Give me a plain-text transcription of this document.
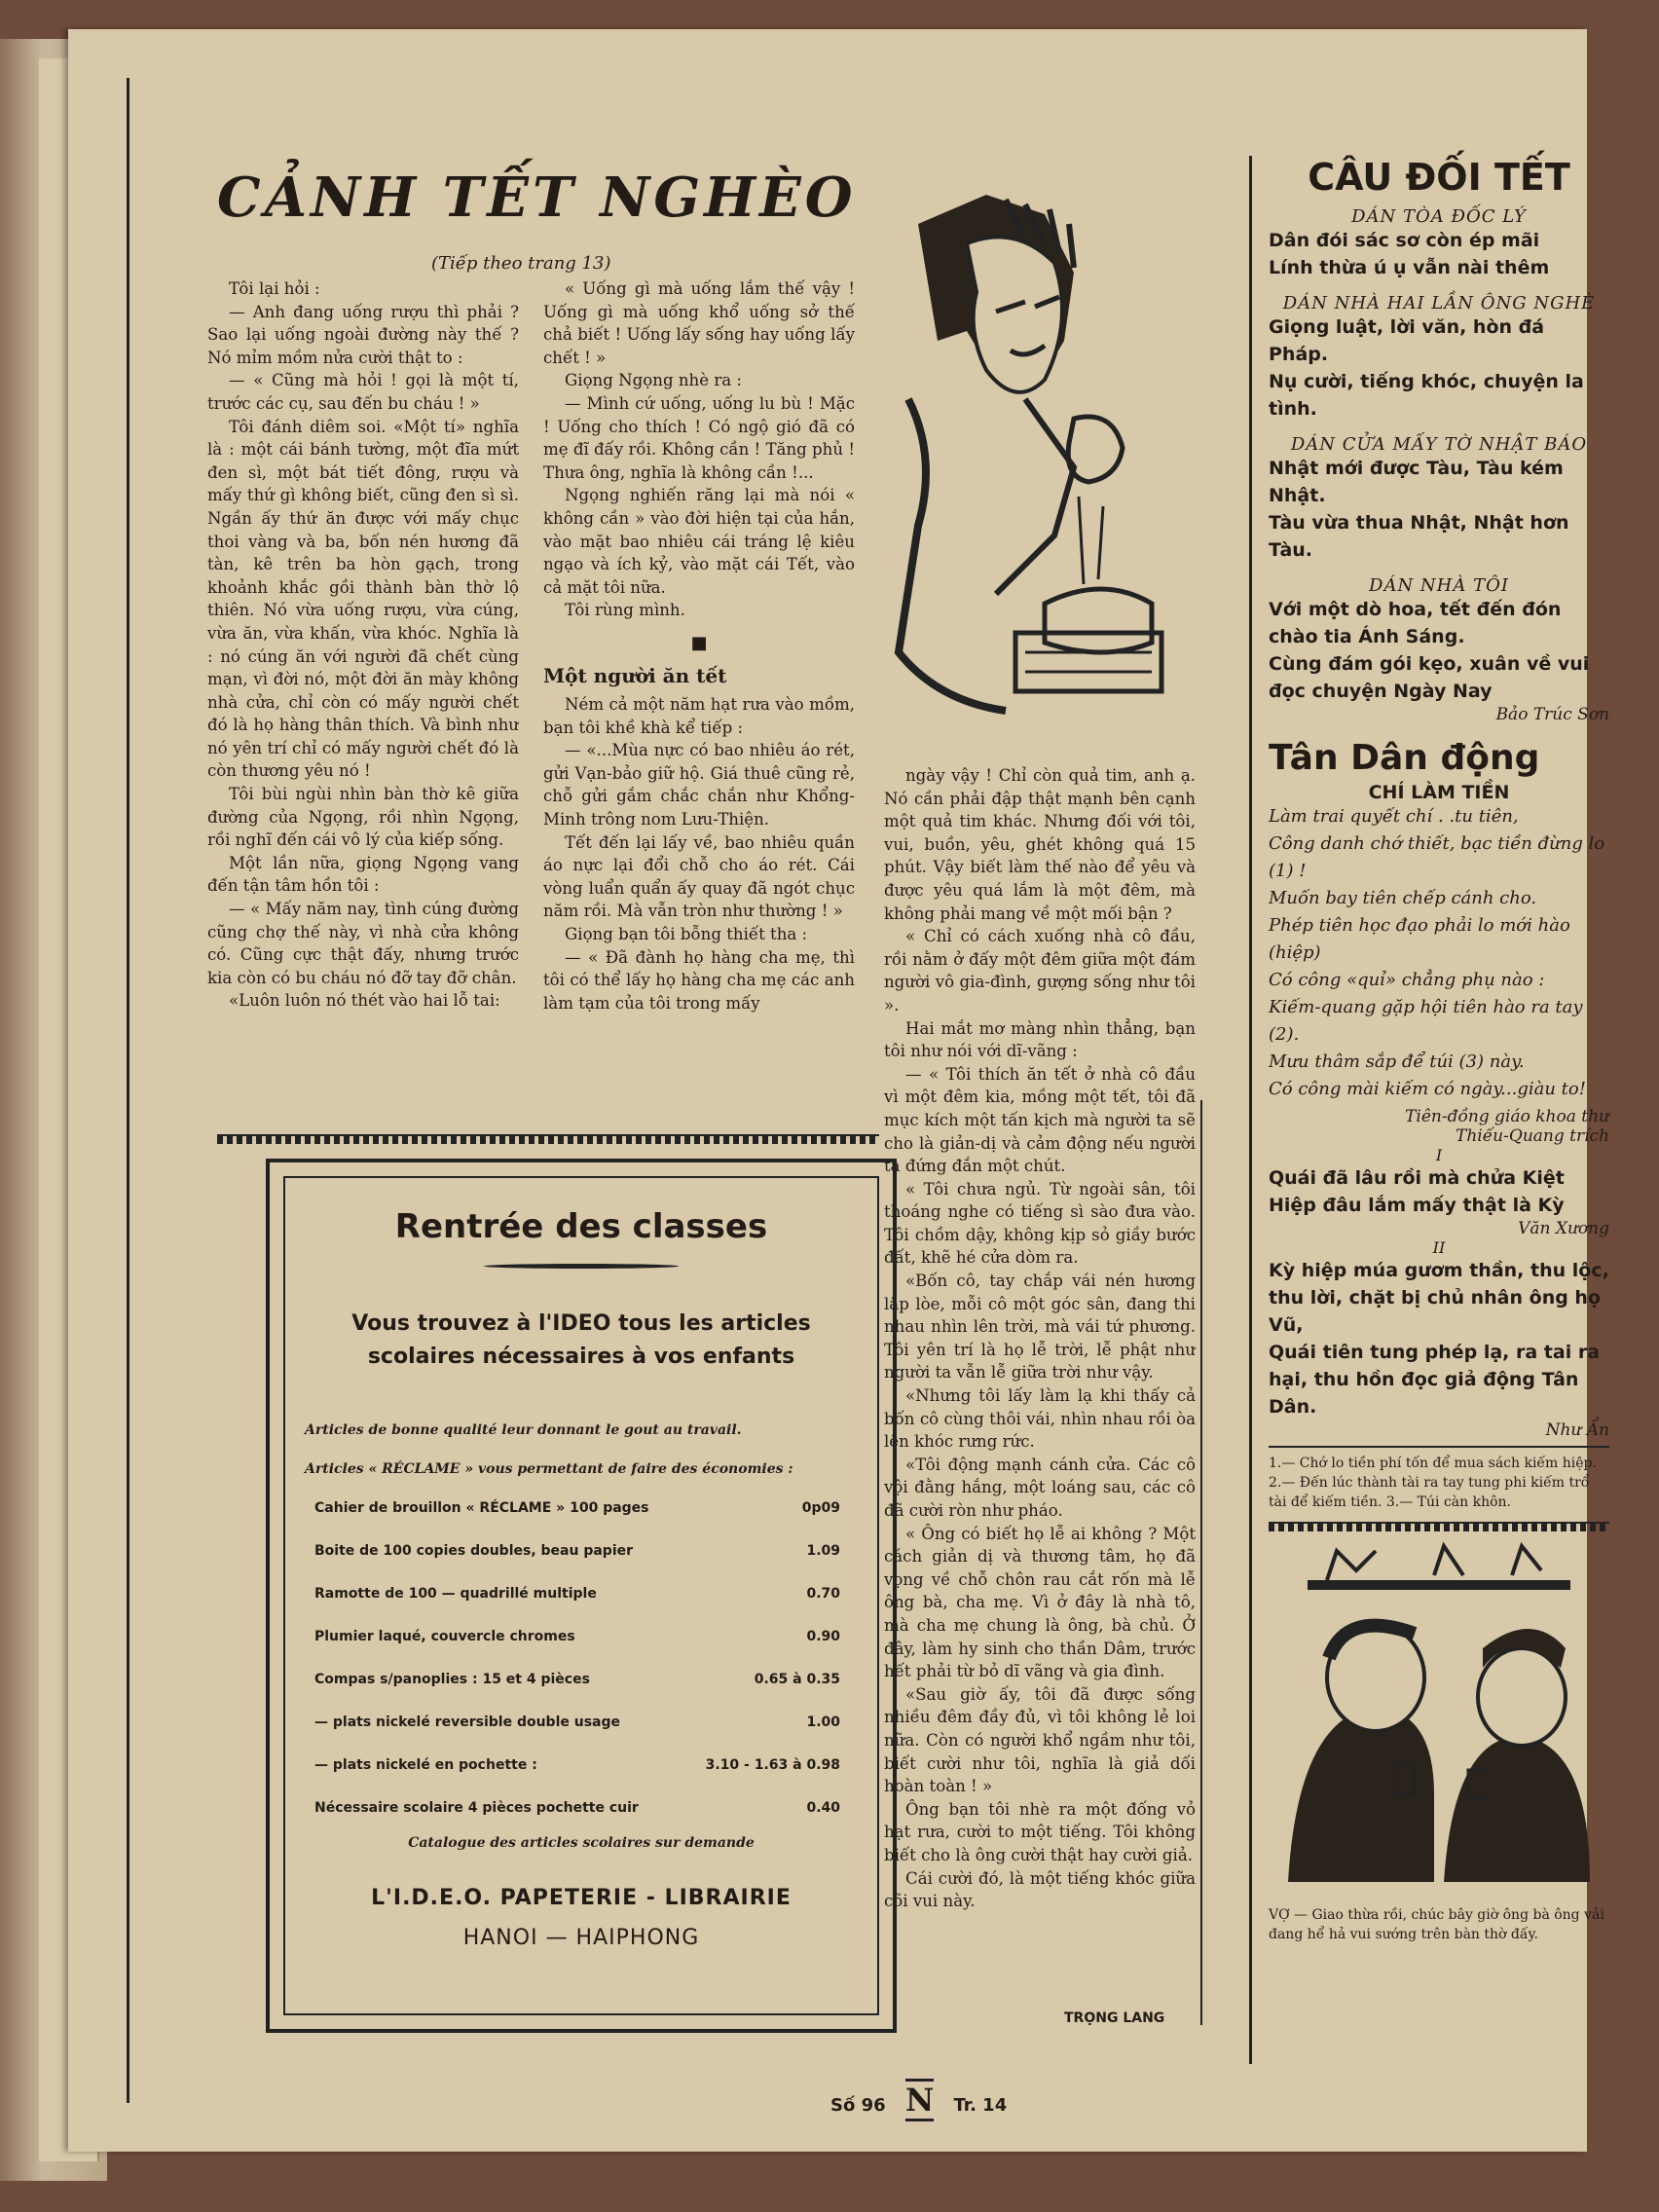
CẢNH TẾT NGHÈO
(Tiếp theo trang 13)

Tôi lại hỏi :

— Anh đang uống rượu thì phải ? Sao lại uống ngoài đường này thế ? Nó mỉm mồm nửa cười thật to :

— « Cũng mà hỏi ! gọi là một tí, trước các cụ, sau đến bu cháu ! »

Tôi đánh diêm soi. «Một tí» nghĩa là : một cái bánh tường, một đĩa mứt đen sì, một bát tiết đông, rượu và mấy thứ gì không biết, cũng đen sì sì. Ngần ấy thứ ăn được với mấy chục thoi vàng và ba, bốn nén hương đã tàn, kê trên ba hòn gạch, trong khoảnh khắc gồi thành bàn thờ lộ thiên. Nó vừa uống rượu, vừa cúng, vừa ăn, vừa khấn, vừa khóc. Nghĩa là : nó cúng ăn với người đã chết cùng mạn, vì đời nó, một đời ăn mày không nhà cửa, chỉ còn có mấy người chết đó là họ hàng thân thích. Và bình như nó yên trí chỉ có mấy người chết đó là còn thương yêu nó !

Tôi bùi ngùi nhìn bàn thờ kê giữa đường của Ngọng, rồi nhìn Ngọng, rồi nghĩ đến cái vô lý của kiếp sống.

Một lần nữa, giọng Ngọng vang đến tận tâm hồn tôi :

— « Mấy năm nay, tình cúng đường cũng chợ thế này, vì nhà cửa không có. Cũng cực thật đấy, nhưng trước kia còn có bu cháu nó đỡ tay đỡ chân.

«Luôn luôn nó thét vào hai lỗ tai:

« Uống gì mà uống lắm thế vậy ! Uống gì mà uống khổ uống sở thế chả biết ! Uống lấy sống hay uống lấy chết ! »

Giọng Ngọng nhè ra :

— Mình cứ uống, uống lu bù ! Mặc ! Uống cho thích ! Có ngộ gió đã có mẹ đĩ đấy rồi. Không cần ! Tăng phủ ! Thưa ông, nghĩa là không cần !...

Ngọng nghiến răng lại mà nói « không cần » vào đời hiện tại của hắn, vào mặt bao nhiêu cái tráng lệ kiêu ngạo và ích kỷ, vào mặt cái Tết, vào cả mặt tôi nữa.

Tôi rùng mình.

■
Một người ăn tết

Ném cả một năm hạt rưa vào mồm, bạn tôi khề khà kể tiếp :

— «...Mùa nực có bao nhiêu áo rét, gửi Vạn-bảo giữ hộ. Giá thuê cũng rẻ, chỗ gửi gắm chắc chắn như Khổng-Minh trông nom Lưu-Thiện.

Tết đến lại lấy về, bao nhiêu quần áo nực lại đổi chỗ cho áo rét. Cái vòng luẩn quẩn ấy quay đã ngót chục năm rồi. Mà vẫn tròn như thường ! »

Giọng bạn tôi bỗng thiết tha :

— « Đã đành họ hàng cha mẹ, thì tôi có thể lấy họ hàng cha mẹ các anh làm tạm của tôi trong mấy

ngày vậy ! Chỉ còn quả tim, anh ạ. Nó cần phải đập thật mạnh bên cạnh một quả tim khác. Nhưng đối với tôi, vui, buồn, yêu, ghét không quá 15 phút. Vậy biết làm thế nào để yêu và được yêu quá lắm là một đêm, mà không phải mang về một mối bận ?

« Chỉ có cách xuống nhà cô đầu, rồi nằm ở đấy một đêm giữa một đám người vô gia-đình, gượng sống như tôi ».

Hai mắt mơ màng nhìn thẳng, bạn tôi như nói với dĩ-vãng :

— « Tôi thích ăn tết ở nhà cô đầu vì một đêm kia, mồng một tết, tôi đã mục kích một tấn kịch mà người ta sẽ cho là giản-dị và cảm động nếu người ta đứng đắn một chút.

« Tôi chưa ngủ. Từ ngoài sân, tôi thoáng nghe có tiếng sì sào đưa vào. Tôi chồm dậy, không kịp sỏ giầy bước đất, khẽ hé cửa dòm ra.

«Bốn cô, tay chắp vái nén hương lập lòe, mỗi cô một góc sân, đang thi nhau nhìn lên trời, mà vái tứ phương. Tôi yên trí là họ lễ trời, lễ phật như người ta vẫn lễ giữa trời như vậy.

«Nhưng tôi lấy làm lạ khi thấy cả bốn cô cùng thôi vái, nhìn nhau rồi òa lên khóc rưng rức.

«Tôi động mạnh cánh cửa. Các cô vội đằng hắng, một loáng sau, các cô đã cười ròn như pháo.

« Ông có biết họ lễ ai không ? Một cách giản dị và thương tâm, họ đã vọng về chỗ chôn rau cắt rốn mà lễ ông bà, cha mẹ. Vì ở đây là nhà tô, mà cha mẹ chung là ông, bà chủ. Ở đây, làm hy sinh cho thần Dâm, trước hết phải từ bỏ dĩ vãng và gia đình.

«Sau giờ ấy, tôi đã được sống nhiều đêm đầy đủ, vì tôi không lẻ loi nữa. Còn có người khổ ngầm như tôi, biết cười như tôi, nghĩa là giả dối hoàn toàn ! »

Ông bạn tôi nhè ra một đống vỏ hạt rưa, cười to một tiếng. Tôi không biết cho là ông cười thật hay cười giả.

Cái cười đó, là một tiếng khóc giữa cõi vui này.

TRỌNG LANG
Rentrée des classes
Vous trouvez à l'IDEO tous les articles scolaires nécessaires à vos enfants
Articles de bonne qualité leur donnant le gout au travail.
Articles « RÉCLAME » vous permettant de faire des économies :
Cahier de brouillon « RÉCLAME » 100 pages	0p09
Boite de 100 copies doubles, beau papier	1.09
Ramotte de 100 — quadrillé multiple	0.70
Plumier laqué, couvercle chromes	0.90
Compas s/panoplies : 15 et 4 pièces	0.65 à 0.35
— plats nickelé reversible double usage	1.00
— plats nickelé en pochette :	3.10 - 1.63 à 0.98
Nécessaire scolaire 4 pièces pochette cuir	0.40
Catalogue des articles scolaires sur demande
L'I.D.E.O. PAPETERIE - LIBRAIRIE
HANOI — HAIPHONG
CÂU ĐỐI TẾT
DÁN TÒA ĐỐC LÝ
Dân đói sác sơ còn ép mãi
Lính thừa ú ụ vẫn nài thêm
DÁN NHÀ HAI LẦN ÔNG NGHÈ
Giọng luật, lời văn, hòn đá Pháp.
Nụ cười, tiếng khóc, chuyện la tình.
DÁN CỬA MẤY TỜ NHẬT BÁO
Nhật mới được Tàu, Tàu kém Nhật.
Tàu vừa thua Nhật, Nhật hơn Tàu.
DÁN NHÀ TÔI
Với một dò hoa, tết đến đón chào tia Ánh Sáng.
Cùng đám gói kẹo, xuân về vui đọc chuyện Ngày Nay
Bảo Trúc Sơn
Tân Dân động
CHÍ LÀM TIỀN
Làm trai quyết chí . .tu tiên,
Công danh chớ thiết, bạc tiền đừng lo (1) !
Muốn bay tiên chếp cánh cho.
Phép tiên học đạo phải lo mới hào (hiệp)
Có công «quỉ» chẳng phụ nào :
Kiếm-quang gặp hội tiên hào ra tay (2).
Mưu thâm sắp để túi (3) này.
Có công mài kiếm có ngày...giàu to!
Tiên-đồng giáo khoa thư
Thiếu-Quang trích
I
Quái đã lâu rồi mà chửa Kiệt
Hiệp đâu lắm mấy thật là Kỳ
Văn Xương
II
Kỳ hiệp múa gươm thần, thu lộc, thu lời, chặt bị chủ nhân ông họ Vũ,
Quái tiên tung phép lạ, ra tai ra hại, thu hồn đọc giả động Tân Dân.
Như Ẩn
1.— Chớ lo tiền phí tốn để mua sách kiếm hiệp. 2.— Đến lúc thành tài ra tay tung phi kiếm trổ tài để kiếm tiền. 3.— Túi càn khôn.
VỢ — Giao thừa rồi, chúc bây giờ ông bà ông vải đang hể hả vui sướng trên bàn thờ đấy.
Số 96 N Tr. 14
